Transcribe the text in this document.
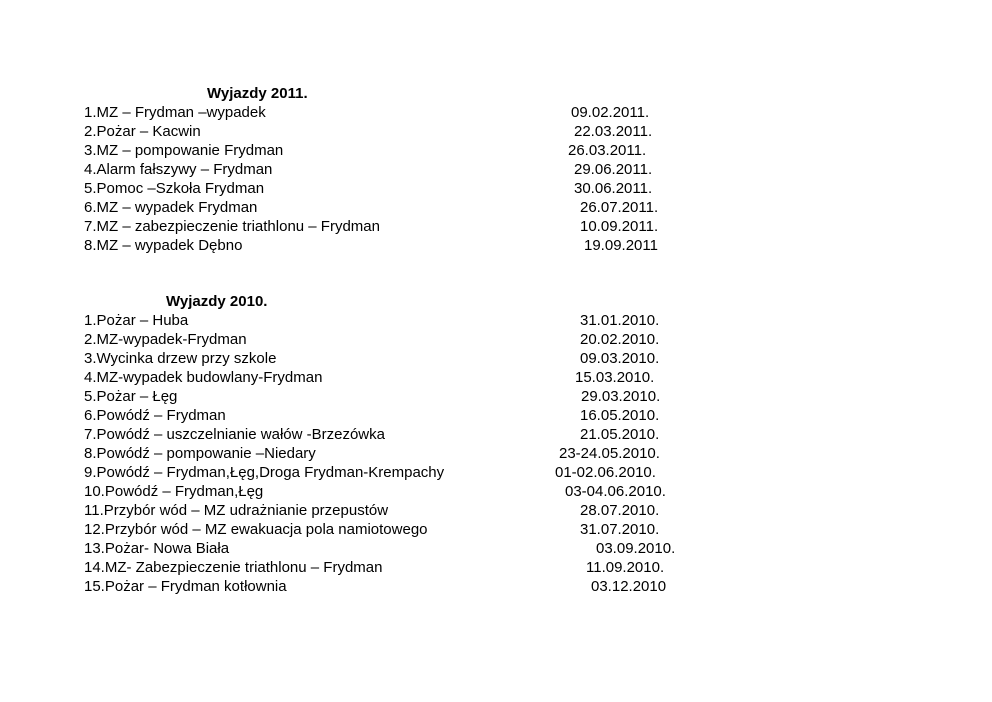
Wyjazdy 2011.
1.MZ – Frydman –wypadek	09.02.2011.
2.Pożar – Kacwin	22.03.2011.
3.MZ – pompowanie Frydman	26.03.2011.
4.Alarm fałszywy – Frydman	29.06.2011.
5.Pomoc –Szkoła Frydman	30.06.2011.
6.MZ – wypadek Frydman	26.07.2011.
7.MZ – zabezpieczenie triathlonu – Frydman	10.09.2011.
8.MZ – wypadek Dębno	19.09.2011
Wyjazdy 2010.
1.Pożar – Huba	31.01.2010.
2.MZ-wypadek-Frydman	20.02.2010.
3.Wycinka drzew przy szkole	09.03.2010.
4.MZ-wypadek budowlany-Frydman	15.03.2010.
5.Pożar – Łęg	29.03.2010.
6.Powódź – Frydman	16.05.2010.
7.Powódź – uszczelnianie wałów -Brzezówka	21.05.2010.
8.Powódź – pompowanie –Niedary	23-24.05.2010.
9.Powódź – Frydman,Łęg,Droga Frydman-Krempachy	01-02.06.2010.
10.Powódź – Frydman,Łęg	03-04.06.2010.
11.Przybór wód – MZ udrażnianie przepustów	28.07.2010.
12.Przybór wód – MZ ewakuacja pola namiotowego	31.07.2010.
13.Pożar- Nowa Biała	03.09.2010.
14.MZ- Zabezpieczenie triathlonu – Frydman	11.09.2010.
15.Pożar – Frydman kotłownia	03.12.2010
